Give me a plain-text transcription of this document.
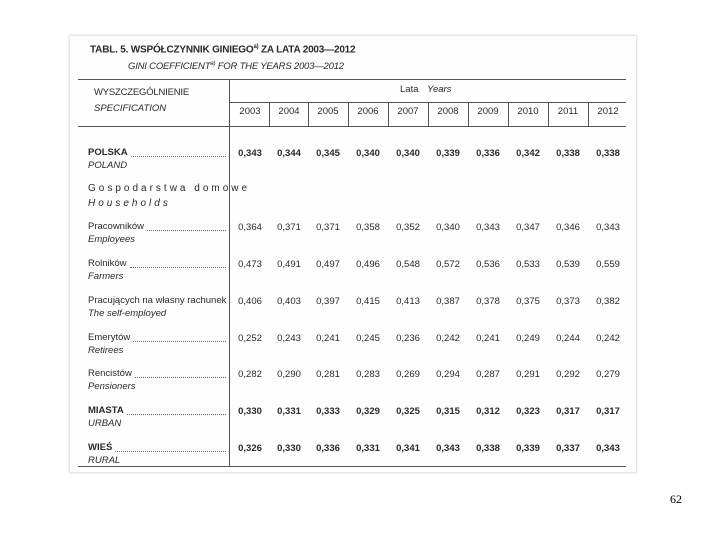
TABL. 5. WSPÓŁCZYNNIK GINIEGO$^{a)}$ ZA LATA 2003—2012
GINI COEFFICIENT$^{a)}$ FOR THE YEARS 2003—2012
WYSZCZEGÓLNIENIE
SPECIFICATION
Lata Years
2003	2004	2005	2006	2007	2008	2009	2010	2011	2012
POLSKA
POLAND
0,343	0,344	0,345	0,340	0,340	0,339	0,336	0,342	0,338	0,338
Gospodarstwa domowe
Households
Pracowników
Employees
0,364	0,371	0,371	0,358	0,352	0,340	0,343	0,347	0,346	0,343
Rolników
Farmers
0,473	0,491	0,497	0,496	0,548	0,572	0,536	0,533	0,539	0,559
Pracujących na własny rachunek
The self-employed
0,406	0,403	0,397	0,415	0,413	0,387	0,378	0,375	0,373	0,382
Emerytów
Retirees
0,252	0,243	0,241	0,245	0,236	0,242	0,241	0,249	0,244	0,242
Rencistów
Pensioners
0,282	0,290	0,281	0,283	0,269	0,294	0,287	0,291	0,292	0,279
MIASTA
URBAN
0,330	0,331	0,333	0,329	0,325	0,315	0,312	0,323	0,317	0,317
WIEŚ
RURAL
0,326	0,330	0,336	0,331	0,341	0,343	0,338	0,339	0,337	0,343
62
